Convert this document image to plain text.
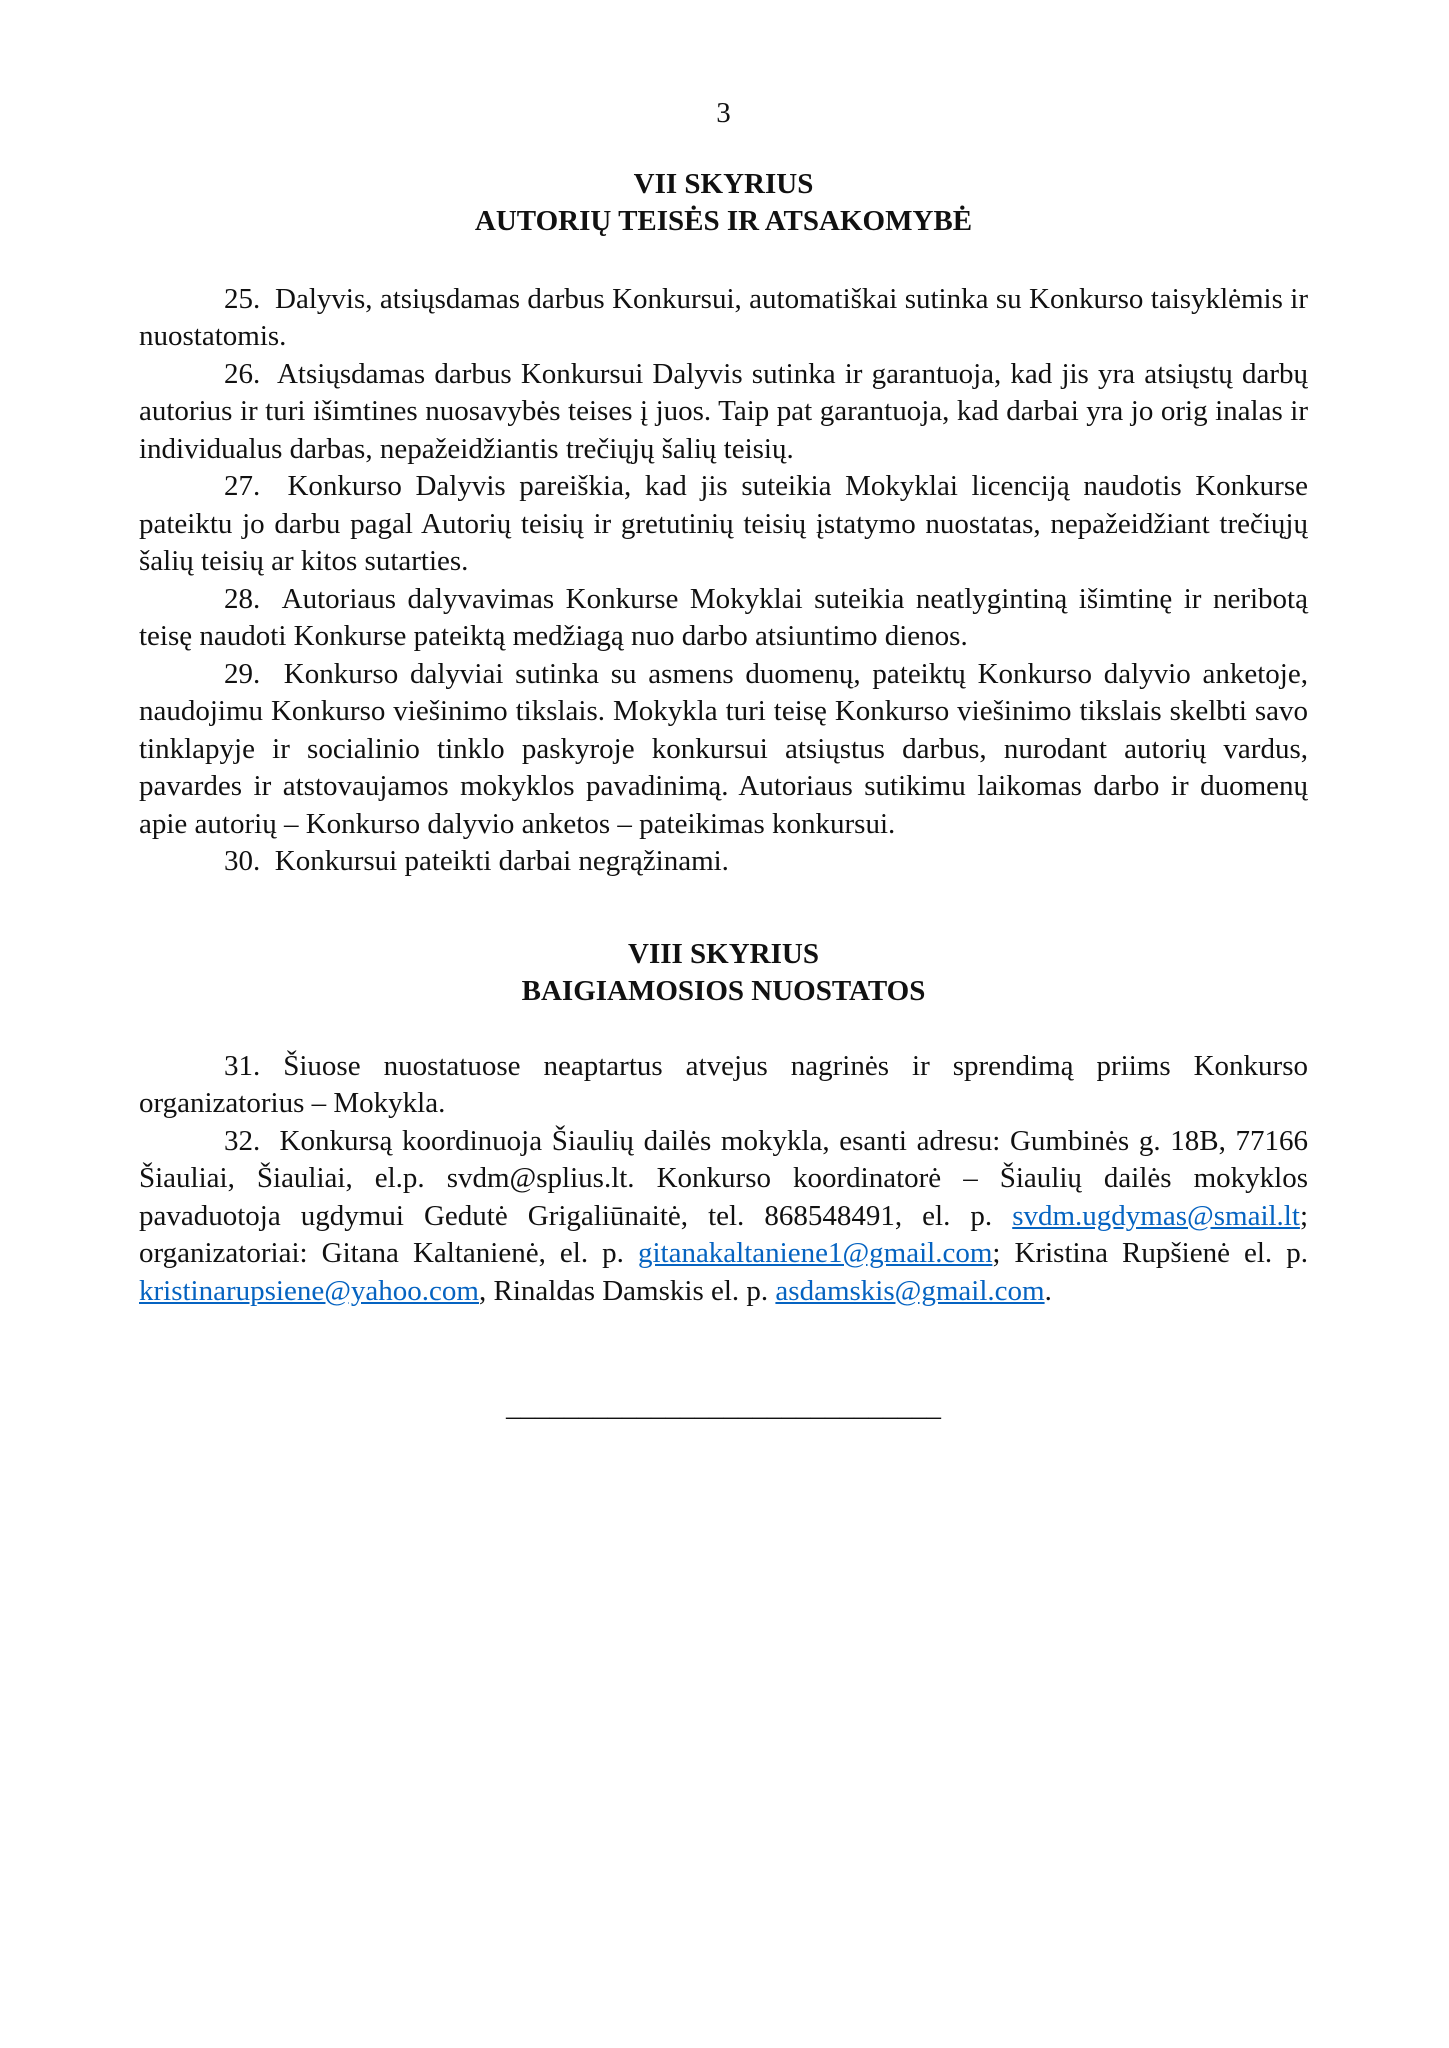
3
VII SKYRIUS
AUTORIŲ TEISĖS IR ATSAKOMYBĖ

25.  Dalyvis, atsiųsdamas darbus Konkursui, automatiškai sutinka su Konkurso taisyklėmis ir nuostatomis.

26.  Atsiųsdamas darbus Konkursui Dalyvis sutinka ir garantuoja, kad jis yra atsiųstų darbų autorius ir turi išimtines nuosavybės teises į juos. Taip pat garantuoja, kad darbai yra jo orig inalas ir individualus darbas, nepažeidžiantis trečiųjų šalių teisių.

27.  Konkurso Dalyvis pareiškia, kad jis suteikia Mokyklai licenciją naudotis Konkurse pateiktu jo darbu pagal Autorių teisių ir gretutinių teisių įstatymo nuostatas, nepažeidžiant trečiųjų šalių teisių ar kitos sutarties.

28.  Autoriaus dalyvavimas Konkurse Mokyklai suteikia neatlygintiną išimtinę ir neribotą teisę naudoti Konkurse pateiktą medžiagą nuo darbo atsiuntimo dienos.

29.  Konkurso dalyviai sutinka su asmens duomenų, pateiktų Konkurso dalyvio anketoje, naudojimu Konkurso viešinimo tikslais. Mokykla turi teisę Konkurso viešinimo tikslais skelbti savo tinklapyje ir socialinio tinklo paskyroje konkursui atsiųstus darbus, nurodant autorių vardus, pavardes ir atstovaujamos mokyklos pavadinimą. Autoriaus sutikimu laikomas darbo ir duomenų apie autorių – Konkurso dalyvio anketos – pateikimas konkursui.

30.  Konkursui pateikti darbai negrąžinami.

VIII SKYRIUS
BAIGIAMOSIOS NUOSTATOS

31. Šiuose nuostatuose neaptartus atvejus nagrinės ir sprendimą priims Konkurso organizatorius – Mokykla.

32.  Konkursą koordinuoja Šiaulių dailės mokykla, esanti adresu: Gumbinės g. 18B, 77166 Šiauliai, Šiauliai, el.p. svdm@splius.lt. Konkurso koordinatorė – Šiaulių dailės mokyklos pavaduotoja ugdymui Gedutė Grigaliūnaitė, tel. 868548491, el. p. svdm.ugdymas@smail.lt; organizatoriai: Gitana Kaltanienė, el. p. gitanakaltaniene1@gmail.com; Kristina Rupšienė el. p. kristinarupsiene@yahoo.com, Rinaldas Damskis el. p. asdamskis@gmail.com.

––––––––––––––––––––––––––––––
